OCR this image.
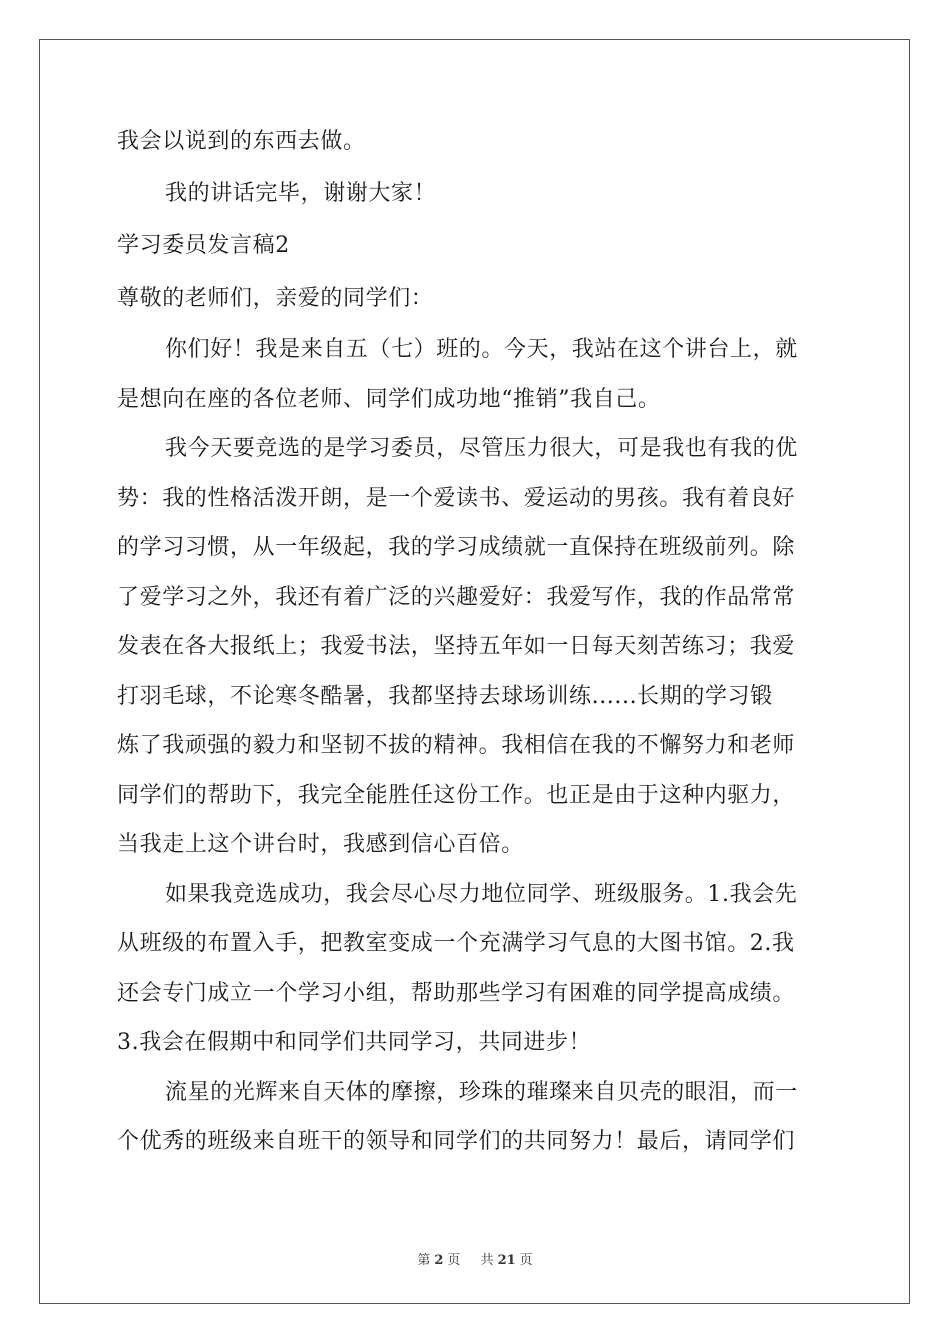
我会以说到的东西去做。
我的讲话完毕，谢谢大家！
学习委员发言稿2
尊敬的老师们，亲爱的同学们：
你们好！我是来自五（七）班的。今天，我站在这个讲台上，就
是想向在座的各位老师、同学们成功地“推销”我自己。
我今天要竞选的是学习委员，尽管压力很大，可是我也有我的优
势：我的性格活泼开朗，是一个爱读书、爱运动的男孩。我有着良好
的学习习惯，从一年级起，我的学习成绩就一直保持在班级前列。除
了爱学习之外，我还有着广泛的兴趣爱好：我爱写作，我的作品常常
发表在各大报纸上；我爱书法，坚持五年如一日每天刻苦练习；我爱
打羽毛球，不论寒冬酷暑，我都坚持去球场训练......长期的学习锻
炼了我顽强的毅力和坚韧不拔的精神。我相信在我的不懈努力和老师
同学们的帮助下，我完全能胜任这份工作。也正是由于这种内驱力，
当我走上这个讲台时，我感到信心百倍。
如果我竞选成功，我会尽心尽力地位同学、班级服务。1.我会先
从班级的布置入手，把教室变成一个充满学习气息的大图书馆。2.我
还会专门成立一个学习小组，帮助那些学习有困难的同学提高成绩。
3.我会在假期中和同学们共同学习，共同进步！
流星的光辉来自天体的摩擦，珍珠的璀璨来自贝壳的眼泪，而一
个优秀的班级来自班干的领导和同学们的共同努力！最后，请同学们
第 2 页 共 21 页
